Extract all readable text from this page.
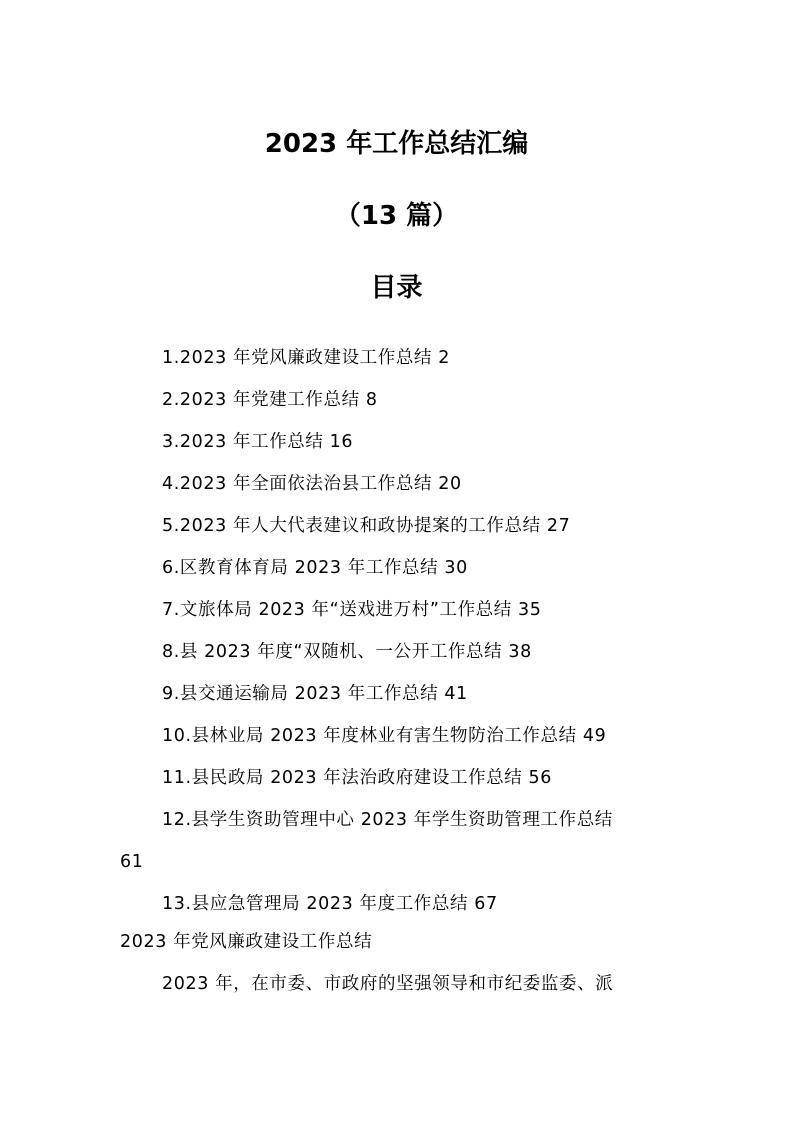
2023 年工作总结汇编
（13 篇）
目录
1.2023 年党风廉政建设工作总结 2
2.2023 年党建工作总结 8
3.2023 年工作总结 16
4.2023 年全面依法治县工作总结 20
5.2023 年人大代表建议和政协提案的工作总结 27
6.区教育体育局 2023 年工作总结 30
7.文旅体局 2023 年“送戏进万村”工作总结 35
8.县 2023 年度“双随机、一公开工作总结 38
9.县交通运输局 2023 年工作总结 41
10.县林业局 2023 年度林业有害生物防治工作总结 49
11.县民政局 2023 年法治政府建设工作总结 56
12.县学生资助管理中心 2023 年学生资助管理工作总结
61
13.县应急管理局 2023 年度工作总结 67
2023 年党风廉政建设工作总结
2023 年，在市委、市政府的坚强领导和市纪委监委、派
